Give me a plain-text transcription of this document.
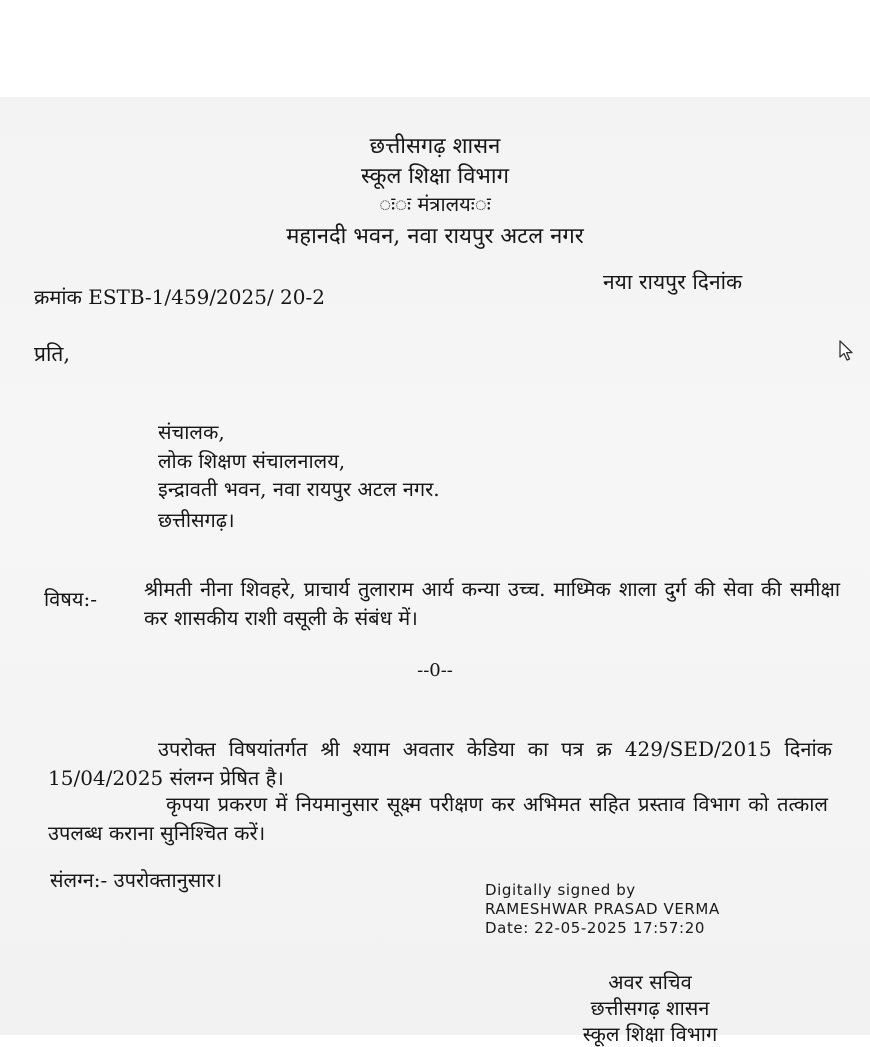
छत्तीसगढ़ शासन
स्कूल शिक्षा विभाग
◌ः◌ः मंत्रालयः◌ः
महानदी भवन, नवा रायपुर अटल नगर
क्रमांक ESTB-1/459/2025/ 20-2
नया रायपुर दिनांक
प्रति,
संचालक,
लोक शिक्षण संचालनालय,
इन्द्रावती भवन, नवा रायपुर अटल नगर.
छत्तीसगढ़।
विषय:- श्रीमती नीना शिवहरे, प्राचार्य तुलाराम आर्य कन्या उच्च. माध्मिक शाला दुर्ग की सेवा की समीक्षा कर शासकीय राशी वसूली के संबंध में।
--0--
उपरोक्त विषयांतर्गत श्री श्याम अवतार केडिया का पत्र क्र 429/SED/2015 दिनांक 15/04/2025 संलग्न प्रेषित है।
कृपया प्रकरण में नियमानुसार सूक्ष्म परीक्षण कर अभिमत सहित प्रस्ताव विभाग को तत्काल उपलब्ध कराना सुनिश्चित करें।
संलग्न:- उपरोक्तानुसार।	Digitally signed by
RAMESHWAR PRASAD VERMA
Date: 22-05-2025 17:57:20
अवर सचिव
छत्तीसगढ़ शासन
स्कूल शिक्षा विभाग
